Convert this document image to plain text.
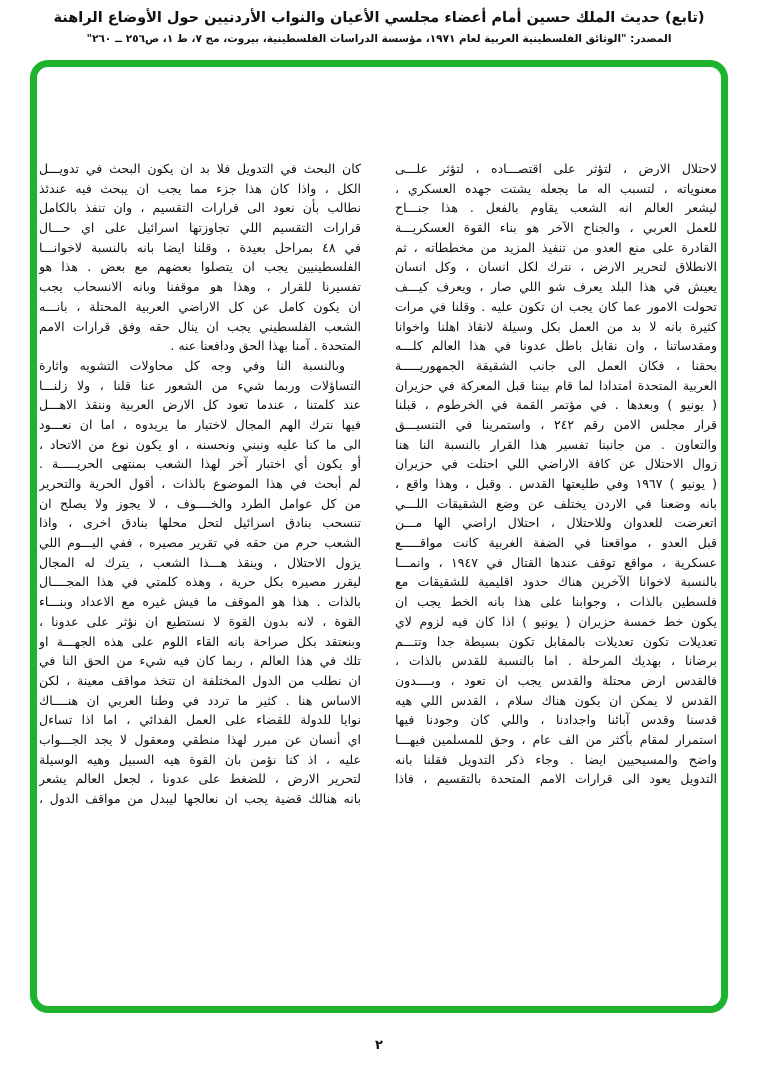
(تابع) حديث الملك حسين أمام أعضاء مجلسي الأعيان والنواب الأردنيين حول الأوضاع الراهنة
المصدر: "الوثائق الفلسطينية العربية لعام ١٩٧١، مؤسسة الدراسات الفلسطينية، بيروت، مج ٧، ط ١، ص٢٥٦ ــ ٢٦٠"
لاحتلال الارض ، لتؤثر على اقتصـــاده ، لتؤثر علـــى
معنوياته ، لتسبب اله ما يجعله يشتت جهده العسكري ،
ليشعر العالم انه الشعب يقاوم بالفعل . هذا جنـــاح
للعمل العربي ، والجناح الآخر هو بناء القوة العسكريـــة
القادرة على منع العدو من تنفيذ المزيد من مخططاته ، ثم
الانطلاق لتحرير الارض ، نترك لكل انسان ، وكل انسان
يعيش في هذا البلد يعرف شو اللي صار ، ويعرف كيـــف
تحولت الامور عما كان يجب ان تكون عليه . وقلنا في مرات
كثيرة بانه لا بد من العمل بكل وسيلة لانقاذ اهلنا واخوانا
ومقدساتنا ، وان نقابل باطل عدونا في هذا العالم كلـــه
بحقنا ، فكان العمل الى جانب الشقيقة الجمهوريـــــة
العربية المتحدة امتدادا لما قام بيننا قبل المعركة في حزيران
( يونيو ) وبعدها . في مؤتمر القمة في الخرطوم ، قبلنا
قرار مجلس الامن رقم ٢٤٢ ، واستمرينا في التنسيـــق
والتعاون . من جانبنا تفسير هذا القرار بالنسبة النا هنا
زوال الاحتلال عن كافة الاراضي اللي احتلت في حزيران
( يونيو ) ١٩٦٧ وفي طليعتها القدس . وقبل ، وهذا واقع ،
بانه وضعنا في الاردن يختلف عن وضع الشقيقات اللـــي
اتعرضت للعدوان وللاحتلال ، احتلال اراضي الها مـــن
قبل العدو ، مواقعنا في الضفة الغربية كانت مواقـــــع
عسكرية ، مواقع توقف عندها القتال في ١٩٤٧ ، وانمـــا
بالنسبة لاخوانا الآخرين هناك حدود اقليمية للشقيقات مع
فلسطين بالذات ، وجوابنا على هذا بانه الخط يجب ان
يكون خط خمسة حزيران ( يونيو ) اذا كان فيه لزوم لاي
تعديلات تكون تعديلات بالمقابل تكون بسيطة جدا وتتـــم
برضانا ، بهديك المرحلة . اما بالنسبة للقدس بالذات ،
فالقدس ارض محتلة والقدس يجب ان تعود ، وبــــدون
القدس لا يمكن ان يكون هناك سلام ، القدس اللي هيه
قدسنا وقدس آبائنا واجدادنا ، واللي كان وجودنا فيها
استمرار لمقام بأكثر من الف عام ، وحق للمسلمين فيهـــا
واضح والمسيحيين ايضا . وجاء ذكر التدويل فقلنا بانه
التدويل يعود الى قرارات الامم المتحدة بالتقسيم ، فاذا
كان البحث في التدويل فلا بد ان يكون البحث في تدويـــل
الكل ، واذا كان هذا جزء مما يجب ان يبحث فيه عندئذ
نطالب بأن نعود الى قرارات التقسيم ، وان تنفذ بالكامل
قرارات التقسيم اللي تجاوزتها اسرائيل على اي حـــال
في ٤٨ بمراحل بعيدة ، وقلنا ايضا بانه بالنسبة لاخوانـــا
الفلسطينيين يجب ان يتصلوا بعضهم مع بعض . هذا هو
تفسيرنا للقرار ، وهذا هو موقفنا وبانه الانسحاب يجب
ان يكون كامل عن كل الاراضي العربية المحتلة ، بانـــه
الشعب الفلسطيني يجب ان ينال حقه وفق قرارات الامم
المتحدة . آمنا بهذا الحق ودافعنا عنه .
وبالنسبة النا وفي وجه كل محاولات التشويه واثارة
التساؤلات وربما شيء من الشعور عنا قلنا ، ولا زلنـــا
عند كلمتنا ، عندما تعود كل الارض العربية وننقذ الاهـــل
فيها نترك الهم المجال لاختيار ما يريدوه ، اما ان نعـــود
الى ما كنا عليه ونبني ونحسنه ، او يكون نوع من الاتحاد ،
أو يكون أي اختبار آخر لهذا الشعب بمنتهى الحريـــــة .
لم أبحث في هذا الموضوع بالذات ، أقول الحرية والتحرير
من كل عوامل الطرد والخــــوف ، لا يجوز ولا يصلح ان
تنسحب بنادق اسرائيل لتحل محلها بنادق اخرى ، واذا
الشعب حرم من حقه في تقرير مصيره ، ففي اليـــوم اللي
يزول الاحتلال ، وينقذ هـــذا الشعب ، يترك له المجال
ليقرر مصيره بكل حرية ، وهذه كلمتي في هذا المجــــال
بالذات . هذا هو الموقف ما فيش غيره مع الاعداد وبنـــاء
القوة ، لانه بدون القوة لا نستطيع ان نؤثر على عدونا ،
وبنعتقد بكل صراحة بانه القاء اللوم على هذه الجهـــة او
تلك في هذا العالم ، ربما كان فيه شيء من الحق النا في
ان نطلب من الدول المختلفة ان تتخذ مواقف معينة ، لكن
الاساس هنا . كثير ما تردد في وطنا العربي ان هنــــاك
نوايا للدولة للقضاء على العمل الفدائي ، اما اذا تساءل
اي أنسان عن مبرر لهذا منطقي ومعقول لا يجد الجـــواب
عليه ، اذ كنا نؤمن بان القوة هيه السبيل وهيه الوسيلة
لتحرير الارض ، للضغط على عدونا ، لجعل العالم يشعر
بانه هنالك قضية يجب ان نعالجها ليبدل من مواقف الدول ،
٢
